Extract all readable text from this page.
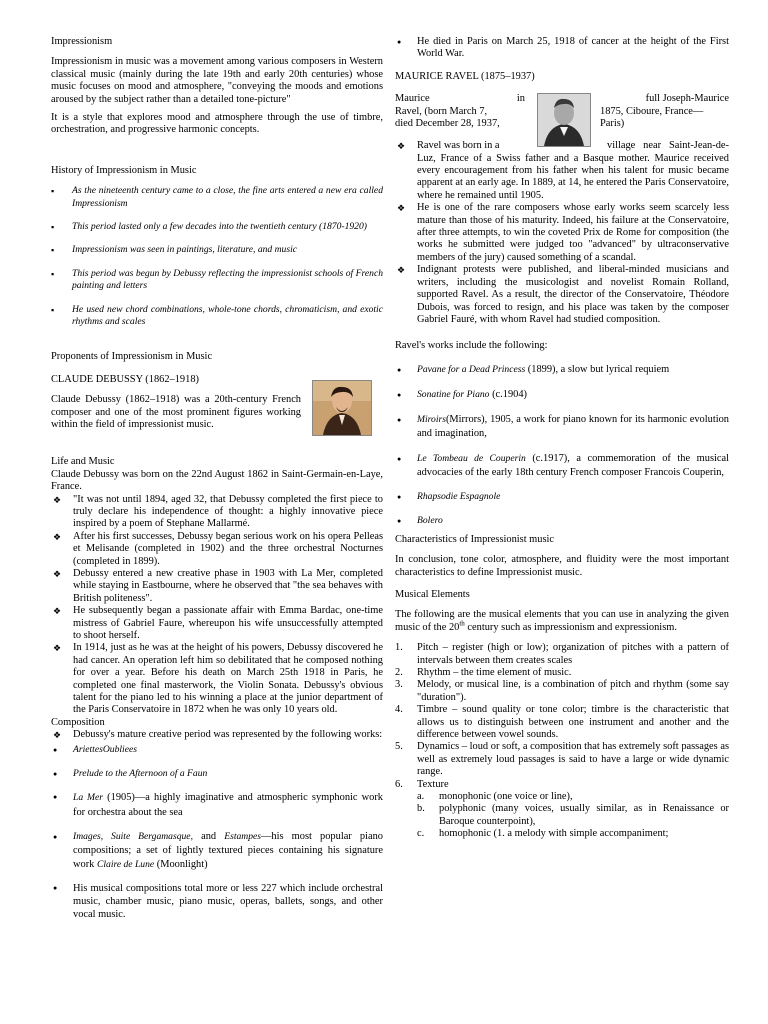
Impressionism

Impressionism in music was a movement among various composers in Western classical music (mainly during the late 19th and early 20th centuries) whose music focuses on mood and atmosphere, "conveying the moods and emotions aroused by the subject rather than a detailed tone-picture"

It is a style that explores mood and atmosphere through the use of timbre, orchestration, and progressive harmonic concepts.

History of Impressionism in Music
▪ As the nineteenth century came to a close, the fine arts entered a new era called Impressionism
▪ This period lasted only a few decades into the twentieth century (1870-1920)
▪ Impressionism was seen in paintings, literature, and music
▪ This period was begun by Debussy reflecting the impressionist schools of French painting and letters
▪ He used new chord combinations, whole-tone chords, chromaticism, and exotic rhythms and scales
Proponents of Impressionism in Music
CLAUDE DEBUSSY (1862–1918)

Claude Debussy (1862–1918) was a 20th-century French composer and one of the most prominent figures working within the field of impressionist music.

Life and Music

Claude Debussy was born on the 22nd August 1862 in Saint-Germain-en-Laye, France.

❖ "It was not until 1894, aged 32, that Debussy completed the first piece to truly declare his independence of thought: a highly innovative piece inspired by a poem of Stephane Mallarmé.
❖ After his first successes, Debussy began serious work on his opera Pelleas et Melisande (completed in 1902) and the three orchestral Nocturnes (completed in 1899).
❖ Debussy entered a new creative phase in 1903 with La Mer, completed while staying in Eastbourne, where he observed that "the sea behaves with British politeness".
❖ He subsequently began a passionate affair with Emma Bardac, one-time mistress of Gabriel Faure, whereupon his wife unsuccessfully attempted to shoot herself.
❖ In 1914, just as he was at the height of his powers, Debussy discovered he had cancer. An operation left him so debilitated that he composed nothing for over a year. Before his death on March 25th 1918 in Paris, he completed one final masterwork, the Violin Sonata. Debussy's obvious talent for the piano led to his winning a place at the junior department of the Paris Conservatoire in 1872 when he was only 10 years old.
Composition
❖ Debussy's mature creative period was represented by the following works:
● AriettesOubliees
● Prelude to the Afternoon of a Faun
● La Mer (1905)—a highly imaginative and atmospheric symphonic work for orchestra about the sea
● Images, Suite Bergamasque, and Estampes—his most popular piano compositions; a set of lightly textured pieces containing his signature work Claire de Lune (Moonlight)
● His musical compositions total more or less 227 which include orchestral music, chamber music, piano music, operas, ballets, songs, and other vocal music.
● He died in Paris on March 25, 1918 of cancer at the height of the First World War.
MAURICE RAVEL (1875–1937)
Maurice	in
Ravel, (born March 7,
died December 28, 1937,
full Joseph-Maurice
1875, Ciboure, France—
Paris)
❖ Ravel was born in a	village near Saint-Jean-de-Luz, France of a Swiss father and a Basque mother. Maurice received every encouragement from his father when his talent for music became apparent at an early age. In 1889, at 14, he entered the Paris Conservatoire, where he remained until 1905.
❖ He is one of the rare composers whose early works seem scarcely less mature than those of his maturity. Indeed, his failure at the Conservatoire, after three attempts, to win the coveted Prix de Rome for composition (the works he submitted were judged too "advanced" by ultraconservative members of the jury) caused something of a scandal.
❖ Indignant protests were published, and liberal-minded musicians and writers, including the musicologist and novelist Romain Rolland, supported Ravel. As a result, the director of the Conservatoire, Théodore Dubois, was forced to resign, and his place was taken by the composer Gabriel Fauré, with whom Ravel had studied composition.
Ravel's works include the following:
● Pavane for a Dead Princess (1899), a slow but lyrical requiem
● Sonatine for Piano (c.1904)
● Miroirs(Mirrors), 1905, a work for piano known for its harmonic evolution and imagination,
● Le Tombeau de Couperin (c.1917), a commemoration of the musical advocacies of the early 18th century French composer Francois Couperin,
● Rhapsodie Espagnole
● Bolero
Characteristics of Impressionist music

In conclusion, tone color, atmosphere, and fluidity were the most important characteristics to define Impressionist music.

Musical Elements

The following are the musical elements that you can use in analyzing the given music of the 20th century such as impressionism and expressionism.

1. Pitch – register (high or low); organization of pitches with a pattern of intervals between them creates scales
2. Rhythm – the time element of music.
3. Melody, or musical line, is a combination of pitch and rhythm (some say "duration").
4. Timbre – sound quality or tone color; timbre is the characteristic that allows us to distinguish between one instrument and another and the difference between vowel sounds.
5. Dynamics – loud or soft, a composition that has extremely soft passages as well as extremely loud passages is said to have a large or wide dynamic range.
6. Texture
a. monophonic (one voice or line),
b. polyphonic (many voices, usually similar, as in Renaissance or Baroque counterpoint),
c. homophonic (1. a melody with simple accompaniment;
